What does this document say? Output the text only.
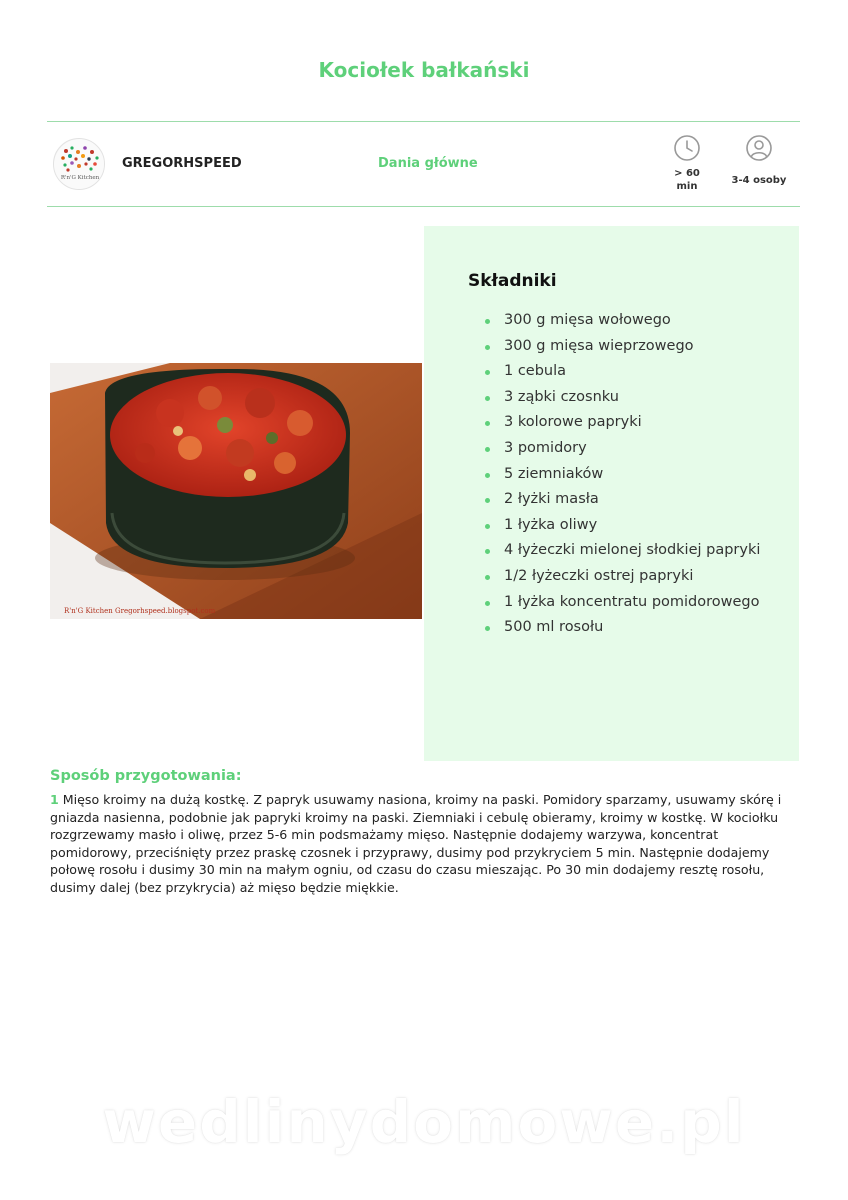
Kociołek bałkański
R'n'G Kitchen
GREGORHSPEED	Dania główne
> 60 min
3-4 osoby
R'n'G Kitchen Gregorhspeed.blogspot.com
Składniki
300 g mięsa wołowego
300 g mięsa wieprzowego
1 cebula
3 ząbki czosnku
3 kolorowe papryki
3 pomidory
5 ziemniaków
2 łyżki masła
1 łyżka oliwy
4 łyżeczki mielonej słodkiej papryki
1/2 łyżeczki ostrej papryki
1 łyżka koncentratu pomidorowego
500 ml rosołu
Sposób przygotowania:
1 Mięso kroimy na dużą kostkę. Z papryk usuwamy nasiona, kroimy na paski. Pomidory sparzamy, usuwamy skórę i gniazda nasienna, podobnie jak papryki kroimy na paski. Ziemniaki i cebulę obieramy, kroimy w kostkę. W kociołku rozgrzewamy masło i oliwę, przez 5-6 min podsmażamy mięso. Następnie dodajemy warzywa, koncentrat pomidorowy, przeciśnięty przez praskę czosnek i przyprawy, dusimy pod przykryciem 5 min. Następnie dodajemy połowę rosołu i dusimy 30 min na małym ogniu, od czasu do czasu mieszając. Po 30 min dodajemy resztę rosołu, dusimy dalej (bez przykrycia) aż mięso będzie miękkie.
wedlinydomowe.pl
